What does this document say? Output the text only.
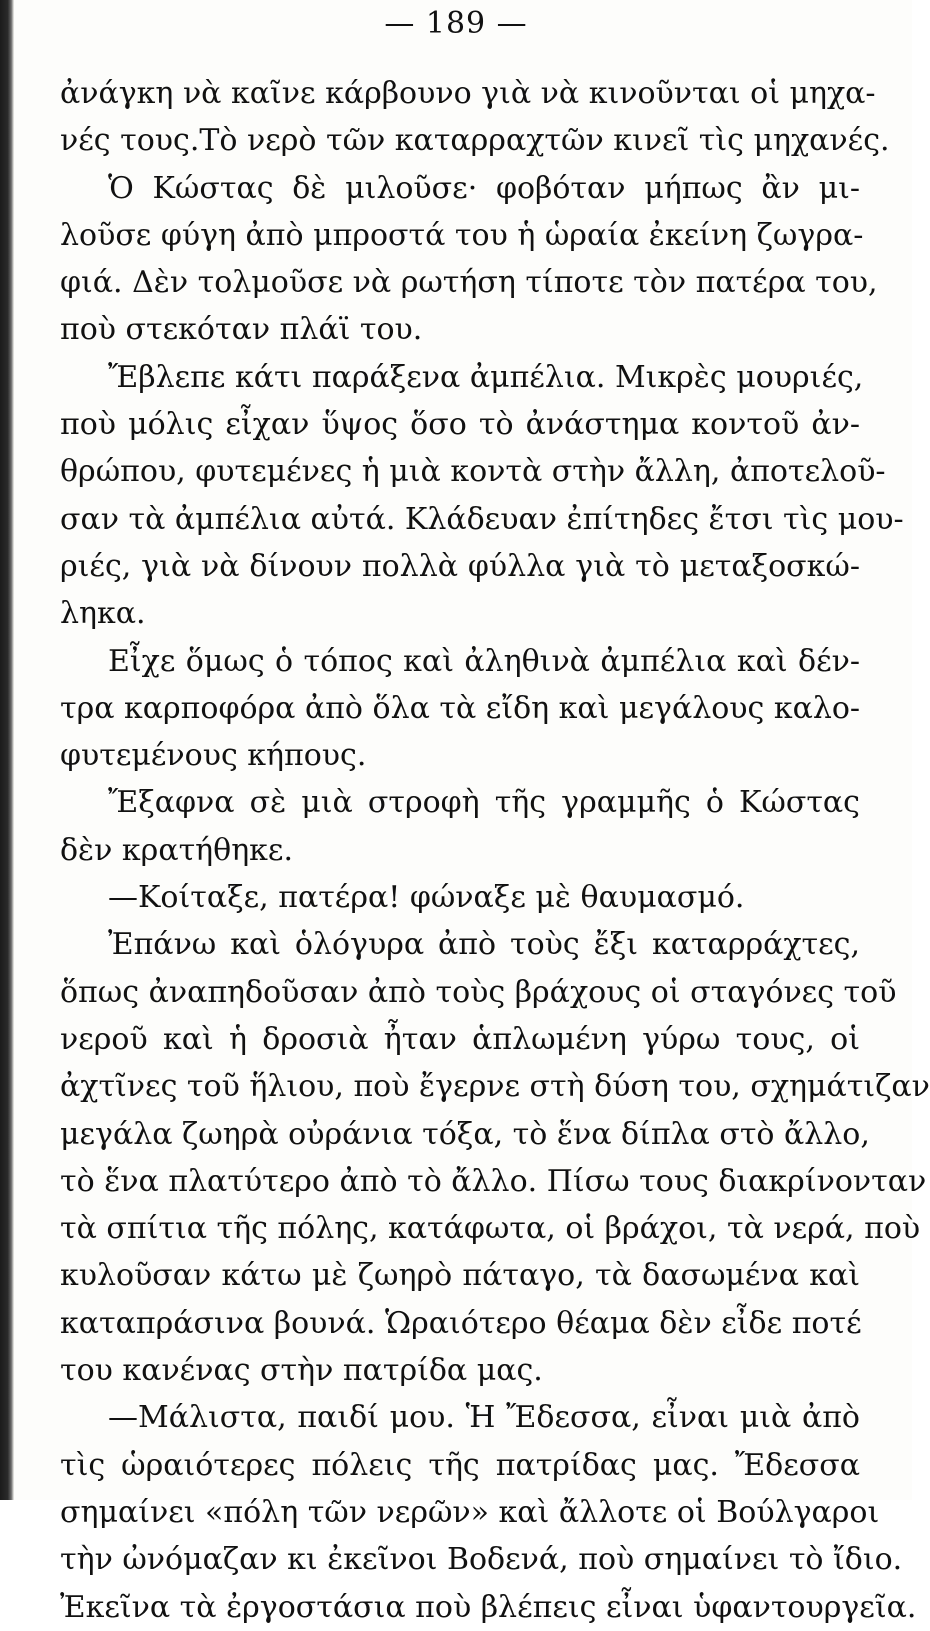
— 189 —
ἀνάγκη νὰ καῖνε κάρβουνο γιὰ νὰ κινοῦνται οἱ μηχα-
νές τους.Τὸ νερὸ τῶν καταρραχτῶν κινεῖ τὶς μηχανές.
Ὁ Κώστας δὲ μιλοῦσε· φοβόταν μήπως ἂν μι-
λοῦσε φύγη ἀπὸ μπροστά του ἡ ὡραία ἐκείνη ζωγρα-
φιά. Δὲν τολμοῦσε νὰ ρωτήση τίποτε τὸν πατέρα του,
ποὺ στεκόταν πλάϊ του.
Ἔβλεπε κάτι παράξενα ἀμπέλια. Μικρὲς μουριές,
ποὺ μόλις εἶχαν ὕψος ὅσο τὸ ἀνάστημα κοντοῦ ἀν-
θρώπου, φυτεμένες ἡ μιὰ κοντὰ στὴν ἄλλη, ἀποτελοῦ-
σαν τὰ ἀμπέλια αὐτά. Κλάδευαν ἐπίτηδες ἔτσι τὶς μου-
ριές, γιὰ νὰ δίνουν πολλὰ φύλλα γιὰ τὸ μεταξοσκώ-
ληκα.
Εἶχε ὅμως ὁ τόπος καὶ ἀληθινὰ ἀμπέλια καὶ δέν-
τρα καρποφόρα ἀπὸ ὅλα τὰ εἴδη καὶ μεγάλους καλο-
φυτεμένους κήπους.
Ἔξαφνα σὲ μιὰ στροφὴ τῆς γραμμῆς ὁ Κώστας
δὲν κρατήθηκε.
—Κοίταξε, πατέρα! φώναξε μὲ θαυμασμό.
Ἐπάνω καὶ ὁλόγυρα ἀπὸ τοὺς ἔξι καταρράχτες,
ὅπως ἀναπηδοῦσαν ἀπὸ τοὺς βράχους οἱ σταγόνες τοῦ
νεροῦ καὶ ἡ δροσιὰ ἦταν ἁπλωμένη γύρω τους, οἱ
ἀχτῖνες τοῦ ἥλιου, ποὺ ἔγερνε στὴ δύση του, σχημάτιζαν
μεγάλα ζωηρὰ οὐράνια τόξα, τὸ ἕνα δίπλα στὸ ἄλλο,
τὸ ἕνα πλατύτερο ἀπὸ τὸ ἄλλο. Πίσω τους διακρίνονταν
τὰ σπίτια τῆς πόλης, κατάφωτα, οἱ βράχοι, τὰ νερά, ποὺ
κυλοῦσαν κάτω μὲ ζωηρὸ πάταγο, τὰ δασωμένα καὶ
καταπράσινα βουνά. Ὡραιότερο θέαμα δὲν εἶδε ποτέ
του κανένας στὴν πατρίδα μας.
—Μάλιστα, παιδί μου. Ἡ Ἔδεσσα, εἶναι μιὰ ἀπὸ
τὶς ὡραιότερες πόλεις τῆς πατρίδας μας. Ἔδεσσα
σημαίνει «πόλη τῶν νερῶν» καὶ ἄλλοτε οἱ Βούλγαροι
τὴν ὠνόμαζαν κι ἐκεῖνοι Βοδενά, ποὺ σημαίνει τὸ ἴδιο.
Ἐκεῖνα τὰ ἐργοστάσια ποὺ βλέπεις εἶναι ὑφαντουργεῖα.
